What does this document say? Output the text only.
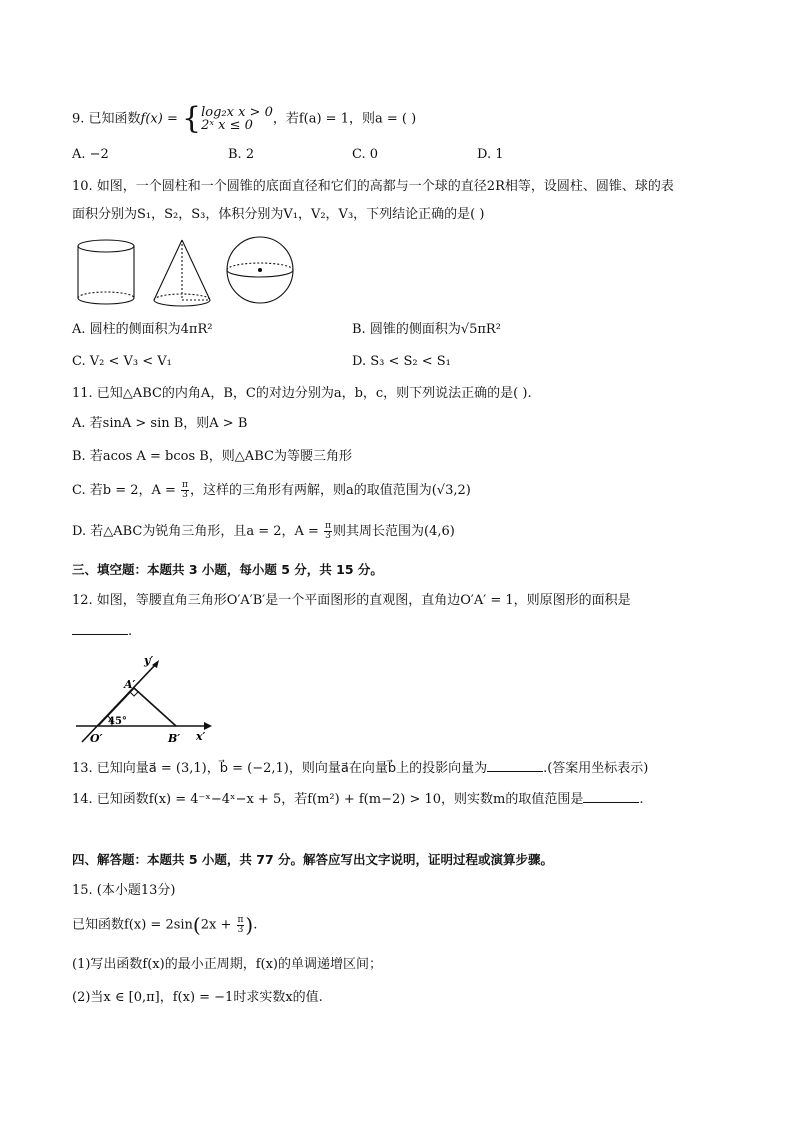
9. 已知函数f(x) = { log₂x x > 0
2ˣ x ≤ 0	，若f(a) = 1，则a = ( )
A. −2	B. 2	C. 0	D. 1
10. 如图，一个圆柱和一个圆锥的底面直径和它们的高都与一个球的直径2R相等，设圆柱、圆锥、球的表
面积分别为S₁，S₂，S₃，体积分别为V₁，V₂，V₃，下列结论正确的是( )
A. 圆柱的侧面积为4πR²	B. 圆锥的侧面积为√5πR²
C. V₂ < V₃ < V₁	D. S₃ < S₂ < S₁
11. 已知△ABC的内角A，B，C的对边分别为a，b，c，则下列说法正确的是( ).
A. 若sinA > sin B，则A > B
B. 若acos A = bcos B，则△ABC为等腰三角形
C. 若b = 2，$A = \frac{\pi}{3}$ ，这样的三角形有两解，则a的取值范围为(√3,2)
D. 若△ABC为锐角三角形，且a = 2，$A = \frac{\pi}{3}$ 则其周长范围为(4,6)
三、填空题：本题共 3 小题，每小题 5 分，共 15 分。
12. 如图，等腰直角三角形O′A′B′是一个平面图形的直观图，直角边O′A′ = 1，则原图形的面积是
.
y′
A′
45°
O′	B′ x′
13. 已知向量a⃗ = (3,1)，b⃗ = (−2,1)，则向量a⃗在向量b⃗上的投影向量为	.(答案用坐标表示)
14. 已知函数f(x) = 4⁻ˣ−4ˣ−x + 5，若f(m²) + f(m−2) > 10，则实数m的取值范围是	.
四、解答题：本题共 5 小题，共 77 分。解答应写出文字说明，证明过程或演算步骤。
15. (本小题13分)
已知函数$f(x) = 2\sin(2x + \frac{\pi}{3}$ ).
(1)写出函数f(x)的最小正周期，f(x)的单调递增区间；
(2)当x ∈ [0,π]，f(x) = −1时求实数x的值.
